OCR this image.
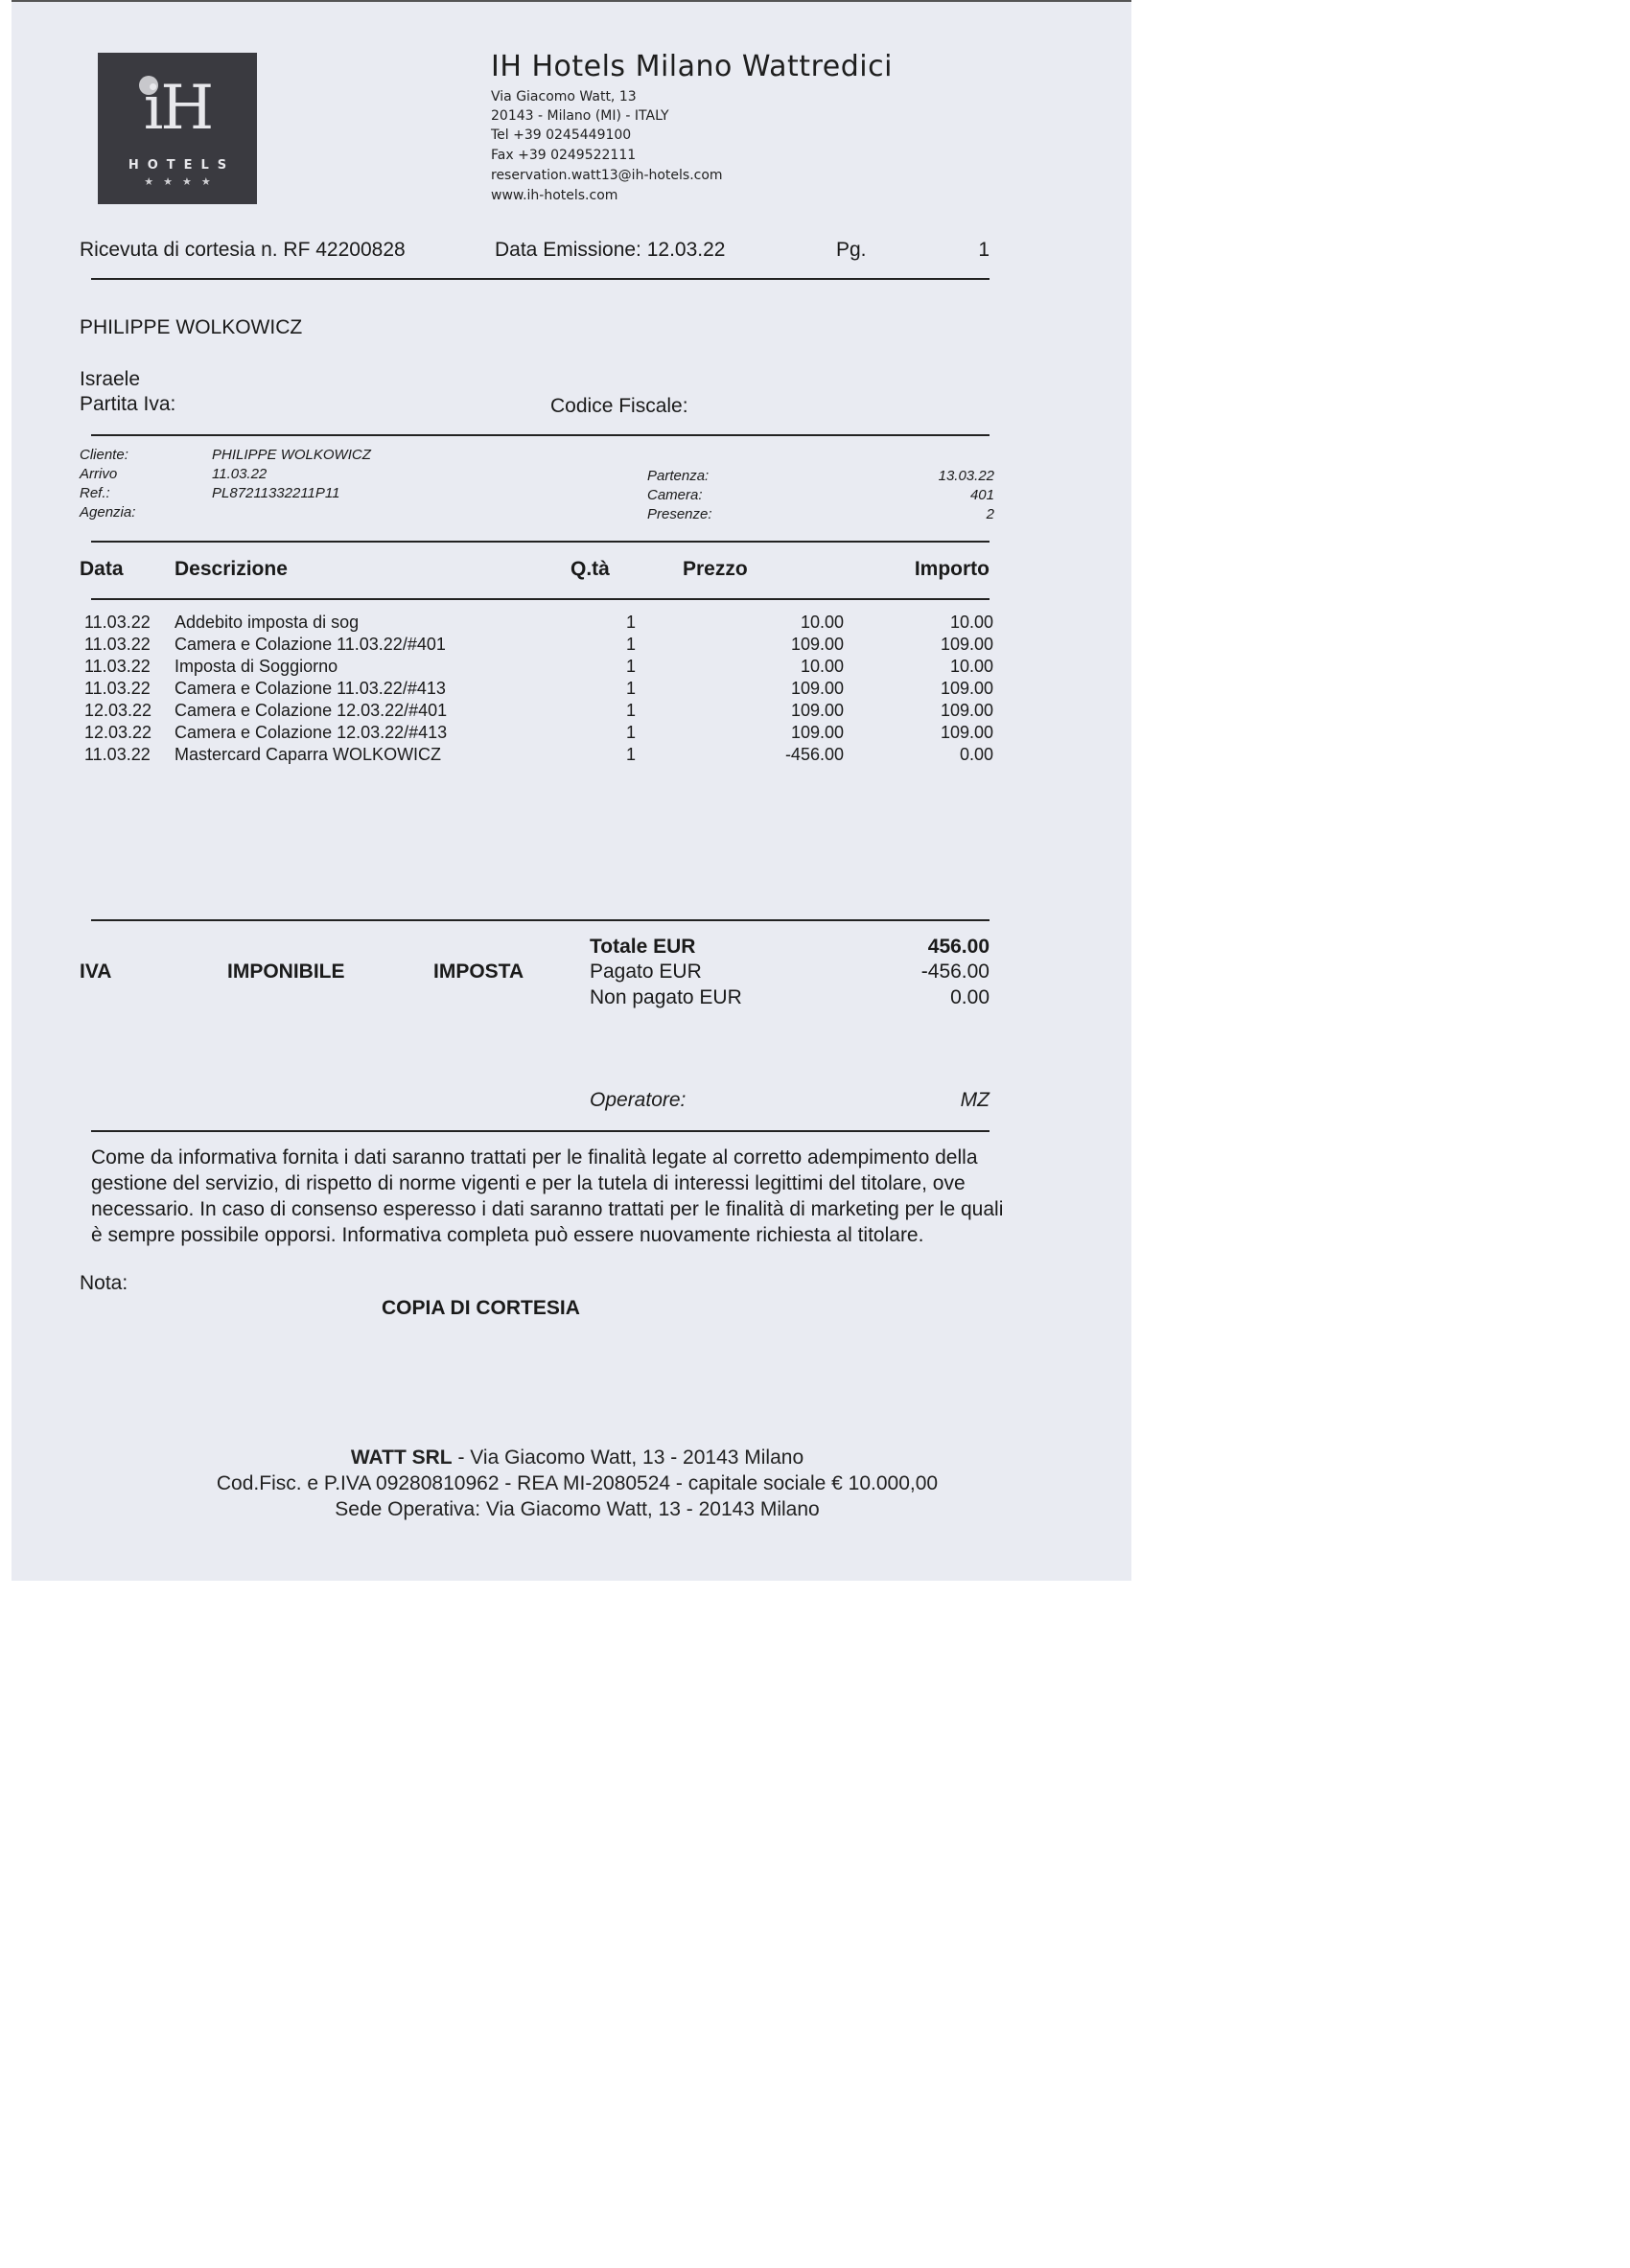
iH
HOTELS
★★★★
IH Hotels Milano Wattredici
Via Giacomo Watt, 13
20143 - Milano (MI) - ITALY
Tel +39 0245449100
Fax +39 0249522111
reservation.watt13@ih-hotels.com
www.ih-hotels.com
Ricevuta di cortesia n. RF 42200828	Data Emissione: 12.03.22	Pg.	1
PHILIPPE WOLKOWICZ
Israele
Partita Iva:	Codice Fiscale:
Cliente:	PHILIPPE WOLKOWICZ
Arrivo	11.03.22
Ref.:	PL87211332211P11
Agenzia:
Partenza:	13.03.22
Camera:	401
Presenze:	2
Data	Descrizione	Q.tà	Prezzo	Importo
11.03.22 Addebito imposta di sog	1	10.00	10.00
11.03.22 Camera e Colazione 11.03.22/#401	1	109.00	109.00
11.03.22 Imposta di Soggiorno	1	10.00	10.00
11.03.22 Camera e Colazione 11.03.22/#413	1	109.00	109.00
12.03.22 Camera e Colazione 12.03.22/#401	1	109.00	109.00
12.03.22 Camera e Colazione 12.03.22/#413	1	109.00	109.00
11.03.22 Mastercard Caparra WOLKOWICZ	1	-456.00	0.00
IVA	IMPONIBILE	IMPOSTA
Totale EUR	456.00
Pagato EUR	-456.00
Non pagato EUR	0.00
Operatore:	MZ
Come da informativa fornita i dati saranno trattati per le finalità legate al corretto adempimento della gestione del servizio, di rispetto di norme vigenti e per la tutela di interessi legittimi del titolare, ove necessario. In caso di consenso esperesso i dati saranno trattati per le finalità di marketing per le quali è sempre possibile opporsi. Informativa completa può essere nuovamente richiesta al titolare.
Nota:
COPIA DI CORTESIA
WATT SRL - Via Giacomo Watt, 13 - 20143 Milano
Cod.Fisc. e P.IVA 09280810962 - REA MI-2080524 - capitale sociale € 10.000,00
Sede Operativa: Via Giacomo Watt, 13 - 20143 Milano
